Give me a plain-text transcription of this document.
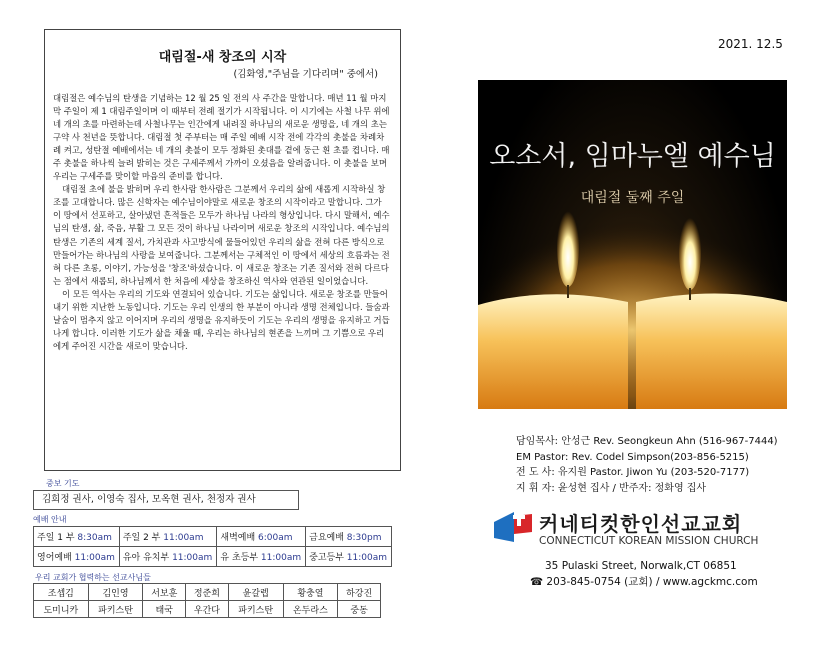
2021. 12.5
대림절-새 창조의 시작
(김화영,"주님을 기다리며" 중에서)

대림절은 예수님의 탄생을 기념하는 12 월 25 일 전의 사 주간을 말합니다. 매년 11 월 마지막 주일이 제 1 대림주일이며 이 때부터 전례 절기가 시작됩니다. 이 시기에는 사철 나무 위에 네 개의 초를 마련하는데 사철나무는 인간에게 내려질 하나님의 새로운 생명을, 네 개의 초는 구약 사 천년을 뜻합니다. 대림절 첫 주부터는 매 주일 예배 시작 전에 각각의 촛불을 차례차례 켜고, 성탄절 예배에서는 네 개의 촛불이 모두 정화된 촛대를 곁에 둥근 흰 초를 켭니다. 매주 촛불을 하나씩 늘려 밝히는 것은 구세주께서 가까이 오셨음을 알려줍니다. 이 촛불을 보며 우리는 구세주를 맞이할 마음의 준비를 합니다.

대림절 초에 불을 밝히며 우리 한사람 한사람은 그분께서 우리의 삶에 새롭게 시작하실 창조를 고대합니다. 많은 신학자는 예수님이야말로 새로운 창조의 시작이라고 말합니다. 그가 이 땅에서 선포하고, 살아냈던 흔적들은 모두가 하나님 나라의 형상입니다. 다시 말해서, 예수님의 탄생, 삶, 죽음, 부활 그 모든 것이 하나님 나라이며 새로운 창조의 시작입니다. 예수님의 탄생은 기존의 세계 질서, 가치관과 사고방식에 물들어있던 우리의 삶을 전혀 다른 방식으로 만들어가는 하나님의 사랑을 보여줍니다. 그분께서는 구체적인 이 땅에서 세상의 흐름과는 전혀 다른 초롱, 이야기, 가능성을 '창조'하셨습니다. 이 새로운 창조는 기존 질서와 전혀 다르다는 점에서 새롭되, 하나님께서 한 처음에 세상을 창조하신 역사와 연관된 일이었습니다.

이 모든 역사는 우리의 기도와 연결되어 있습니다. 기도는 삶입니다. 새로운 창조를 만들어내기 위한 지난한 노동입니다. 기도는 우리 인생의 한 부분이 아니라 생명 전체입니다. 들숨과 날숨이 멈추지 않고 이어지며 우리의 생명을 유지하듯이 기도는 우리의 생명을 유지하고 거듭나게 합니다. 이러한 기도가 삶을 채울 때, 우리는 하나님의 현존을 느끼며 그 기쁨으로 우리에게 주어진 시간을 새로이 맞습니다.

중보 기도
김희정 권사, 이영숙 집사, 모옥현 권사, 천정자 권사
예배 안내
주일 1 부 8:30am	주일 2 부 11:00am	새벽예배 6:00am	금요예배 8:30pm
영어예배 11:00am	유아 유치부 11:00am	유 초등부 11:00am	중고등부 11:00am
우리 교회가 협력하는 선교사님들
조셉김	김인영	서보훈	정준희	윤갈렙	황충열	하강진
도미니카	파키스탄	태국	우간다	파키스탄	온두라스	중동
오소서, 임마누엘 예수님
대림절 둘째 주일
담임목사: 안성근 Rev. Seongkeun Ahn (516-967-7444)
EM Pastor: Rev. Codel Simpson(203-856-5215)
전 도 사: 유지원 Pastor. Jiwon Yu (203-520-7177)
지 휘 자: 윤성현 집사 / 반주자: 정화영 집사
커네티컷한인선교교회
CONNECTICUT KOREAN MISSION CHURCH
35 Pulaski Street, Norwalk,CT 06851
☎ 203-845-0754 (교회) / www.agckmc.com
